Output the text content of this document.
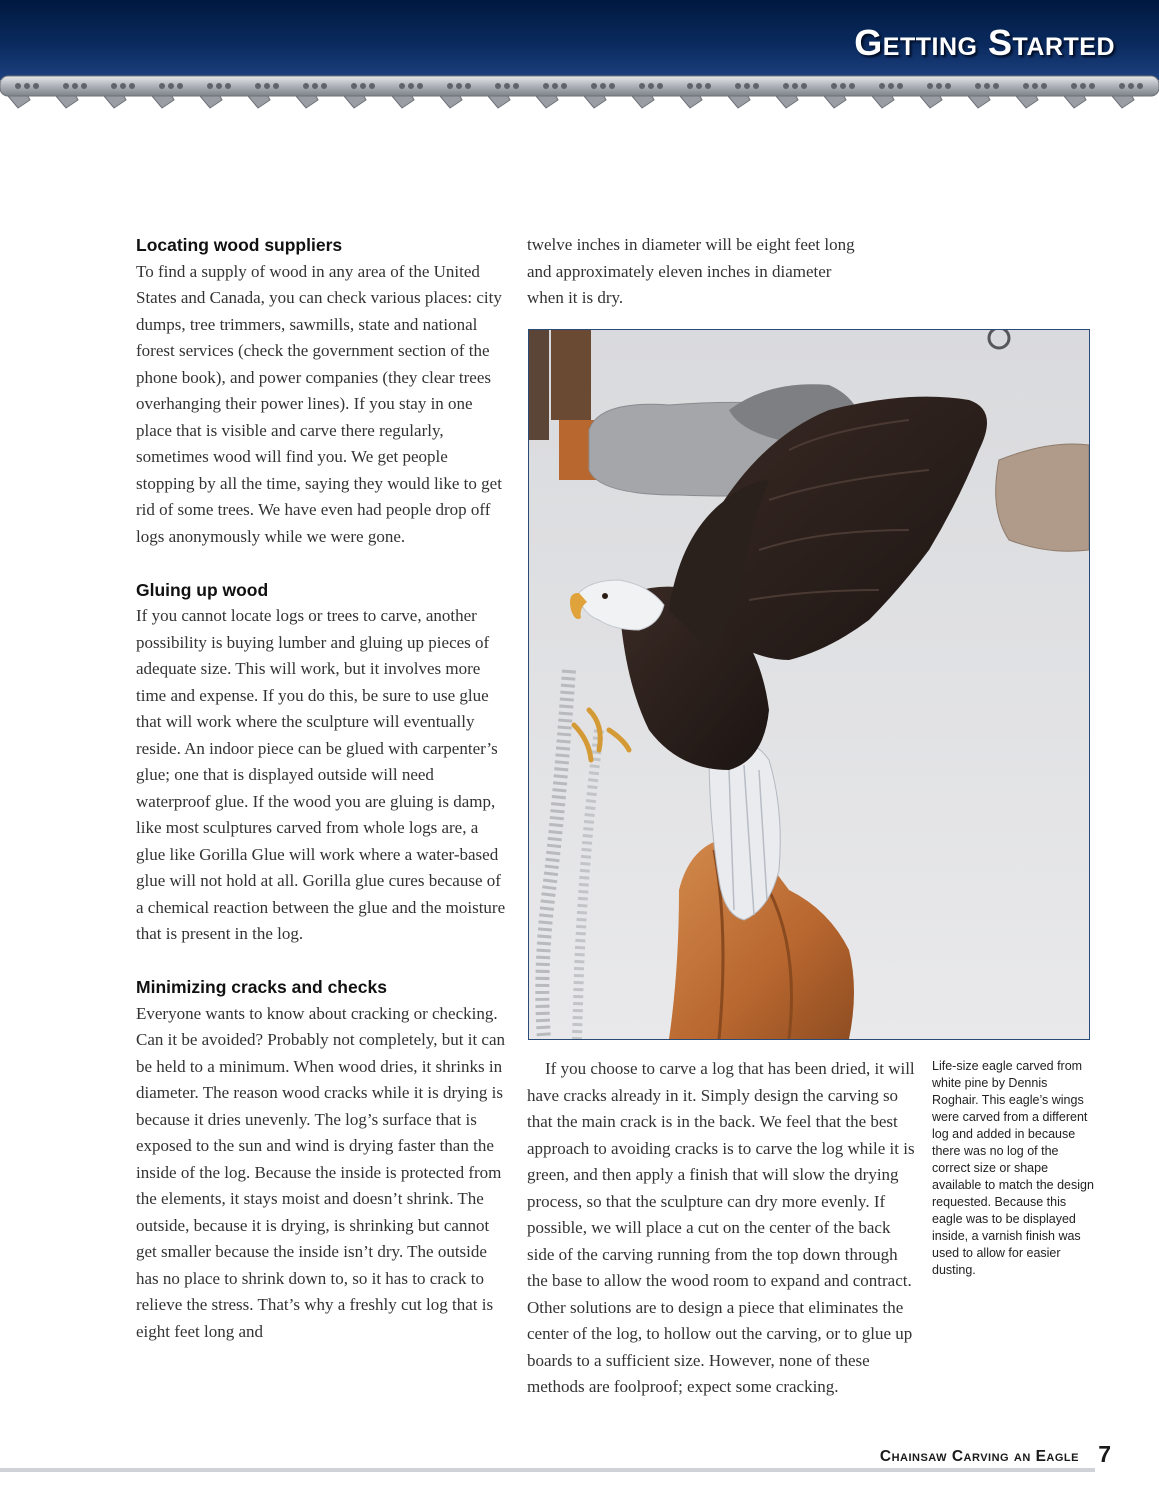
Getting Started
Locating wood suppliers

To find a supply of wood in any area of the United States and Canada, you can check various places: city dumps, tree trimmers, sawmills, state and national forest services (check the government section of the phone book), and power companies (they clear trees overhanging their power lines). If you stay in one place that is visible and carve there regularly, sometimes wood will find you. We get people stopping by all the time, saying they would like to get rid of some trees. We have even had people drop off logs anonymously while we were gone.

Gluing up wood

If you cannot locate logs or trees to carve, another possibility is buying lumber and gluing up pieces of adequate size. This will work, but it involves more time and expense. If you do this, be sure to use glue that will work where the sculpture will eventually reside. An indoor piece can be glued with carpenter’s glue; one that is displayed outside will need waterproof glue. If the wood you are gluing is damp, like most sculptures carved from whole logs are, a glue like Gorilla Glue will work where a water-based glue will not hold at all. Gorilla glue cures because of a chemical reaction between the glue and the moisture that is present in the log.

Minimizing cracks and checks

Everyone wants to know about cracking or checking. Can it be avoided? Probably not completely, but it can be held to a minimum. When wood dries, it shrinks in diameter. The reason wood cracks while it is drying is because it dries unevenly. The log’s surface that is exposed to the sun and wind is drying faster than the inside of the log. Because the inside is protected from the elements, it stays moist and doesn’t shrink. The outside, because it is drying, is shrinking but cannot get smaller because the inside isn’t dry. The outside has no place to shrink down to, so it has to crack to relieve the stress. That’s why a freshly cut log that is eight feet long and

twelve inches in diameter will be eight feet long and approximately eleven inches in diameter when it is dry.

If you choose to carve a log that has been dried, it will have cracks already in it. Simply design the carving so that the main crack is in the back. We feel that the best approach to avoiding cracks is to carve the log while it is green, and then apply a finish that will slow the drying process, so that the sculpture can dry more evenly. If possible, we will place a cut on the center of the back side of the carving running from the top down through the base to allow the wood room to expand and contract. Other solutions are to design a piece that eliminates the center of the log, to hollow out the carving, or to glue up boards to a sufficient size. However, none of these methods are foolproof; expect some cracking.

Life-size eagle carved from white pine by Dennis Roghair. This eagle’s wings were carved from a different log and added in because there was no log of the correct size or shape available to match the design requested. Because this eagle was to be displayed inside, a varnish finish was used to allow for easier dusting.

Chainsaw Carving an Eagle 7
